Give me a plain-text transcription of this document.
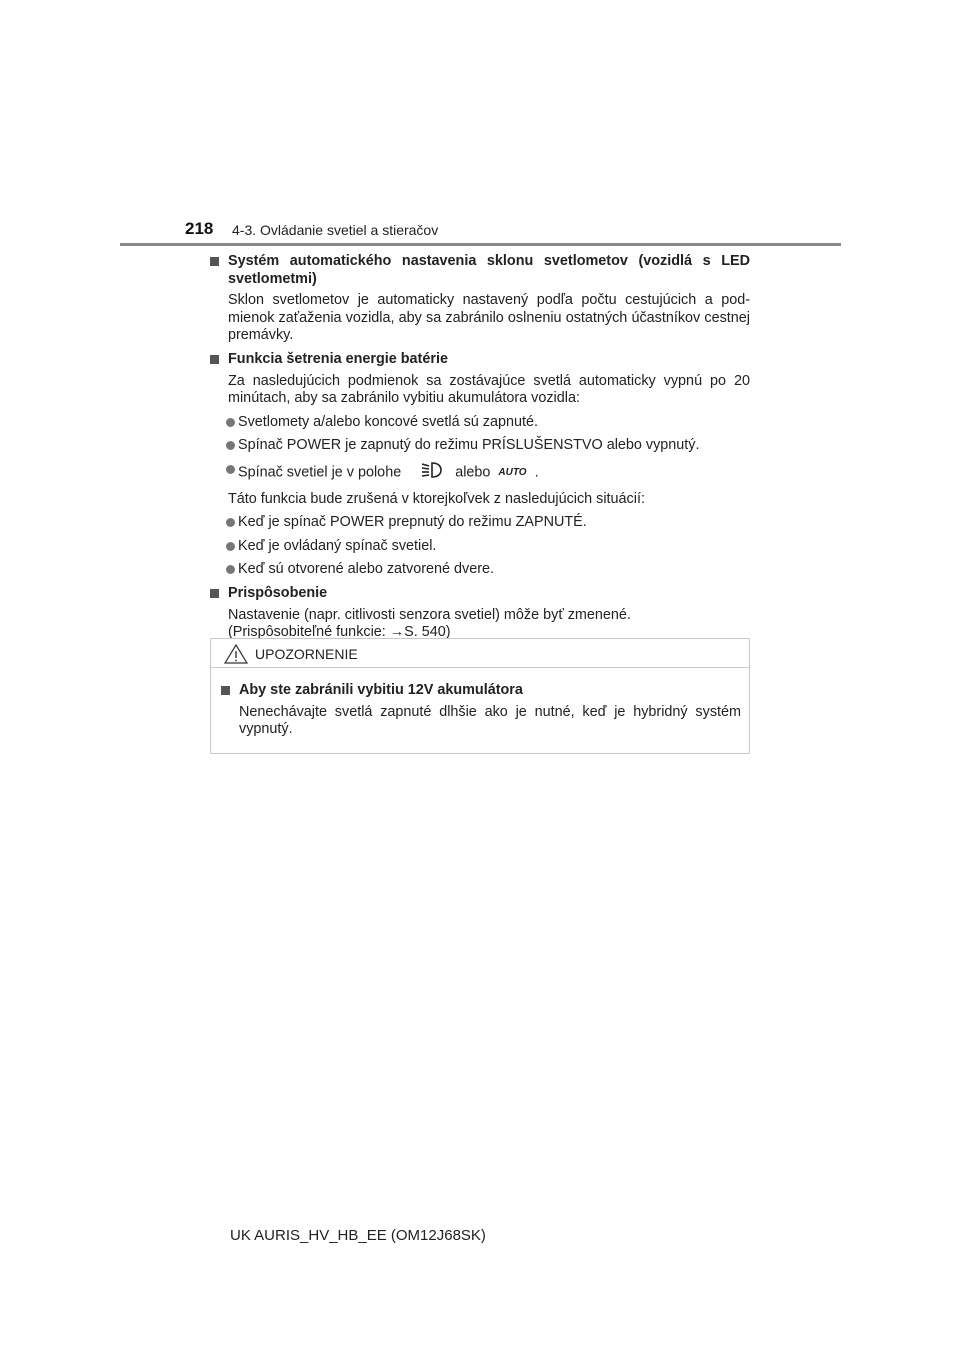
218 4-3. Ovládanie svetiel a stieračov
Systém automatického nastavenia sklonu svetlometov (vozidlá s LED svetlometmi)
Sklon svetlometov je automaticky nastavený podľa počtu cestujúcich a pod-mienok zaťaženia vozidla, aby sa zabránilo oslneniu ostatných účastníkov cestnej premávky.
Funkcia šetrenia energie batérie
Za nasledujúcich podmienok sa zostávajúce svetlá automaticky vypnú po 20 minútach, aby sa zabránilo vybitiu akumulátora vozidla:
Svetlomety a/alebo koncové svetlá sú zapnuté.
Spínač POWER je zapnutý do režimu PRÍSLUŠENSTVO alebo vypnutý.
Spínač svetiel je v polohe	alebo AUTO .
Táto funkcia bude zrušená v ktorejkoľvek z nasledujúcich situácií:
Keď je spínač POWER prepnutý do režimu ZAPNUTÉ.
Keď je ovládaný spínač svetiel.
Keď sú otvorené alebo zatvorené dvere.
Prispôsobenie
Nastavenie (napr. citlivosti senzora svetiel) môže byť zmenené.
(Prispôsobiteľné funkcie: →S. 540)
UPOZORNENIE
Aby ste zabránili vybitiu 12V akumulátora
Nenechávajte svetlá zapnuté dlhšie ako je nutné, keď je hybridný systém vypnutý.
UK AURIS_HV_HB_EE (OM12J68SK)
